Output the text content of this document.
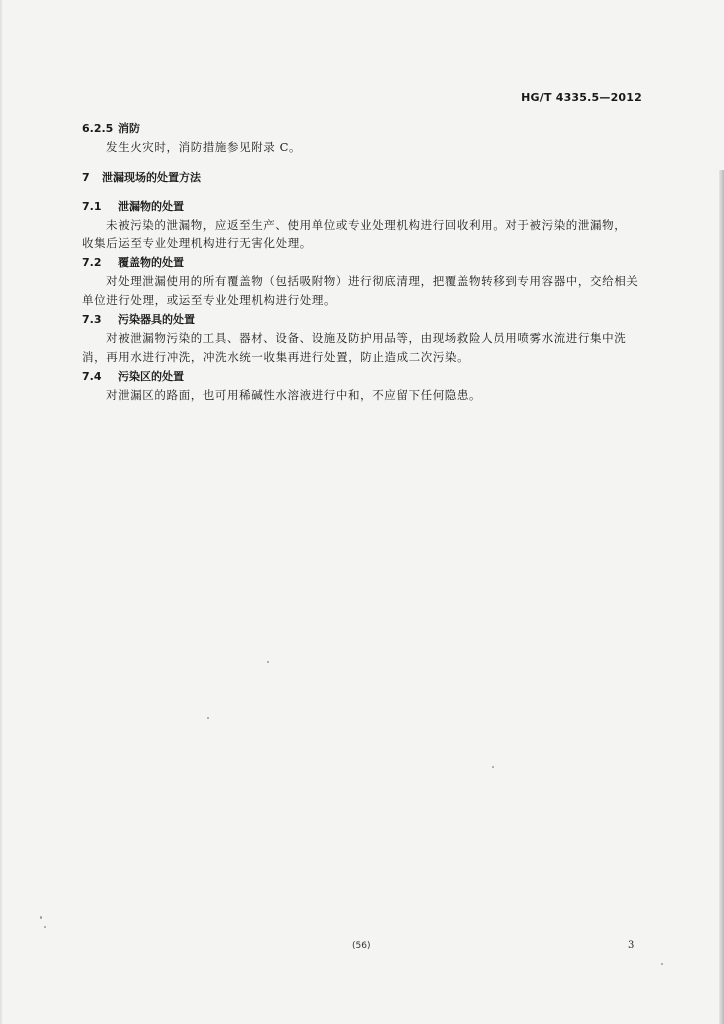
HG/T 4335.5—2012
6.2.5 消防
发生火灾时，消防措施参见附录 C。
7 泄漏现场的处置方法
7.1 泄漏物的处置
未被污染的泄漏物，应返至生产、使用单位或专业处理机构进行回收利用。对于被污染的泄漏物，
收集后运至专业处理机构进行无害化处理。
7.2 覆盖物的处置
对处理泄漏使用的所有覆盖物（包括吸附物）进行彻底清理，把覆盖物转移到专用容器中，交给相关
单位进行处理，或运至专业处理机构进行处理。
7.3 污染器具的处置
对被泄漏物污染的工具、器材、设备、设施及防护用品等，由现场救险人员用喷雾水流进行集中洗
消，再用水进行冲洗，冲洗水统一收集再进行处置，防止造成二次污染。
7.4 污染区的处置
对泄漏区的路面，也可用稀碱性水溶液进行中和，不应留下任何隐患。
(56)	3
